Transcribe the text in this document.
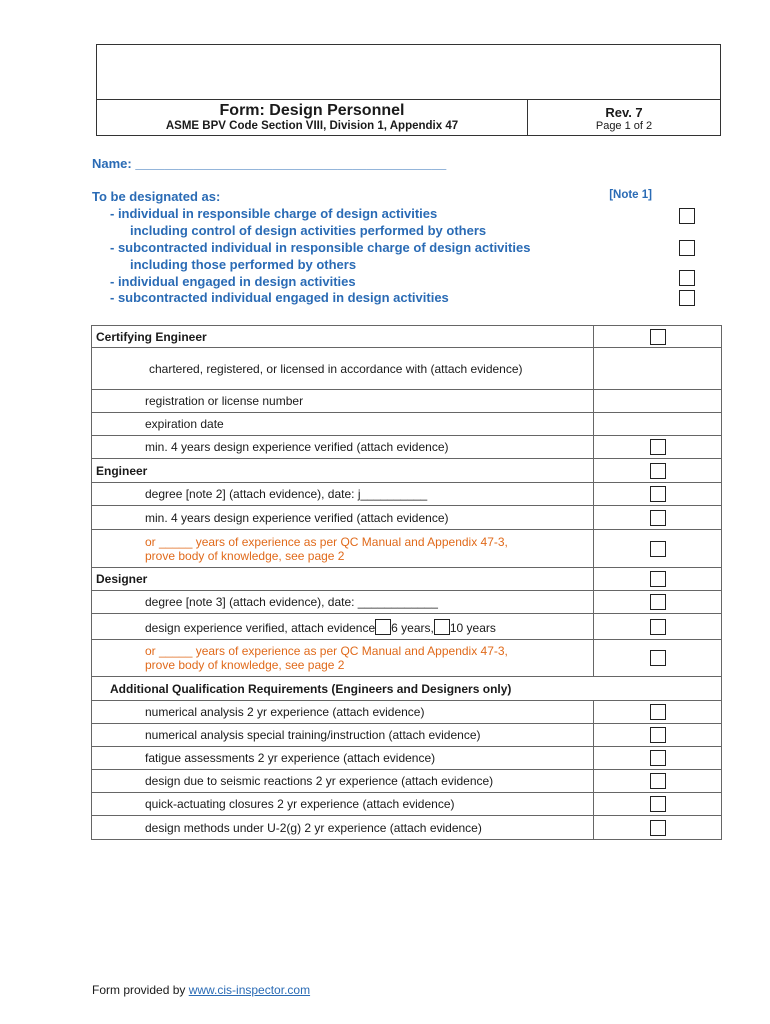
Form: Design Personnel
ASME BPV Code Section VIII, Division 1, Appendix 47
Rev. 7
Page 1 of 2
Name: ___________________________________________
To be designated as:	[Note 1]
- individual in responsible charge of design activities
including control of design activities performed by others
- subcontracted individual in responsible charge of design activities
including those performed by others
- individual engaged in design activities
- subcontracted individual engaged in design activities
Certifying Engineer	

chartered, registered, or licensed in accordance with (attach evidence)	
registration or license number	
expiration date	
min. 4 years design experience verified (attach evidence)	

Engineer	

degree [note 2] (attach evidence), date: j__________	

min. 4 years design experience verified (attach evidence)	

or _____ years of experience as per QC Manual and Appendix 47-3,
prove body of knowledge, see page 2	

Designer	

degree [note 3] (attach evidence), date: ____________	

design experience verified, attach evidence 6 years, 10 years	

or _____ years of experience as per QC Manual and Appendix 47-3,
prove body of knowledge, see page 2	

Additional Qualification Requirements (Engineers and Designers only)	
numerical analysis 2 yr experience (attach evidence)	

numerical analysis special training/instruction (attach evidence)	

fatigue assessments 2 yr experience (attach evidence)	

design due to seismic reactions 2 yr experience (attach evidence)	

quick-actuating closures 2 yr experience (attach evidence)	

design methods under U-2(g) 2 yr experience (attach evidence)	
Form provided by www.cis-inspector.com
